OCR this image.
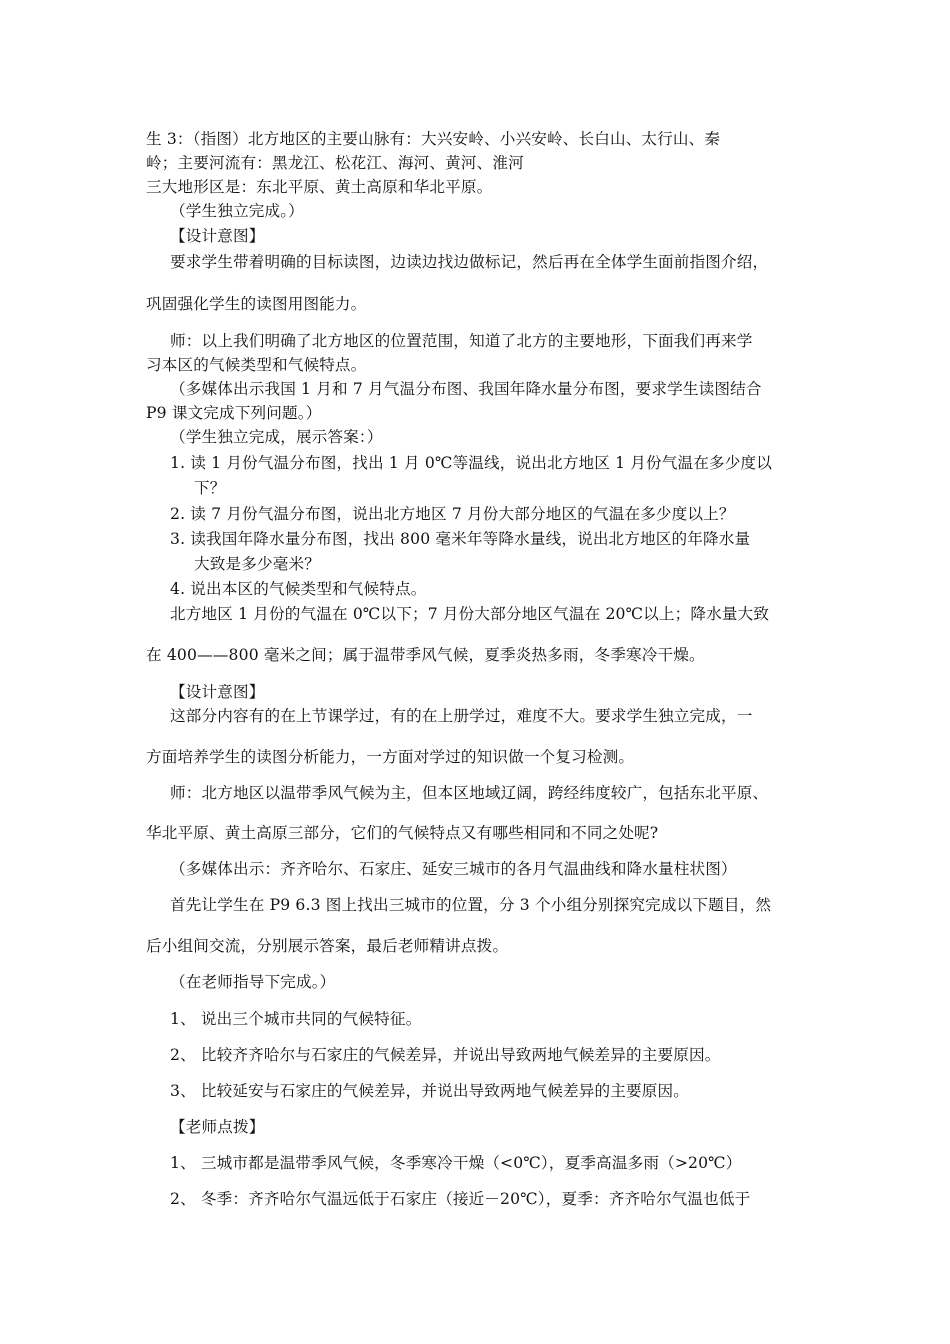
生 3：（指图）北方地区的主要山脉有：大兴安岭、小兴安岭、长白山、太行山、秦
岭；主要河流有：黑龙江、松花江、海河、黄河、淮河
三大地形区是：东北平原、黄土高原和华北平原。
（学生独立完成。）
【设计意图】
要求学生带着明确的目标读图，边读边找边做标记，然后再在全体学生面前指图介绍，
巩固强化学生的读图用图能力。
师：以上我们明确了北方地区的位置范围，知道了北方的主要地形，下面我们再来学
习本区的气候类型和气候特点。
（多媒体出示我国 1 月和 7 月气温分布图、我国年降水量分布图，要求学生读图结合
P9 课文完成下列问题。）
（学生独立完成，展示答案：）
1. 读 1 月份气温分布图，找出 1 月 0℃等温线，说出北方地区 1 月份气温在多少度以
下？
2. 读 7 月份气温分布图，说出北方地区 7 月份大部分地区的气温在多少度以上？
3. 读我国年降水量分布图，找出 800 毫米年等降水量线，说出北方地区的年降水量
大致是多少毫米？
4. 说出本区的气候类型和气候特点。
北方地区 1 月份的气温在 0℃以下；7 月份大部分地区气温在 20℃以上；降水量大致
在 400——800 毫米之间；属于温带季风气候，夏季炎热多雨，冬季寒冷干燥。
【设计意图】
这部分内容有的在上节课学过，有的在上册学过，难度不大。要求学生独立完成，一
方面培养学生的读图分析能力，一方面对学过的知识做一个复习检测。
师：北方地区以温带季风气候为主，但本区地域辽阔，跨经纬度较广，包括东北平原、
华北平原、黄土高原三部分，它们的气候特点又有哪些相同和不同之处呢?
（多媒体出示：齐齐哈尔、石家庄、延安三城市的各月气温曲线和降水量柱状图）
首先让学生在 P9 6.3 图上找出三城市的位置，分 3 个小组分别探究完成以下题目，然
后小组间交流，分别展示答案，最后老师精讲点拨。
（在老师指导下完成。）
1、 说出三个城市共同的气候特征。
2、 比较齐齐哈尔与石家庄的气候差异，并说出导致两地气候差异的主要原因。
3、 比较延安与石家庄的气候差异，并说出导致两地气候差异的主要原因。
【老师点拨】
1、 三城市都是温带季风气候，冬季寒冷干燥（<0℃），夏季高温多雨（>20℃）
2、 冬季：齐齐哈尔气温远低于石家庄（接近－20℃），夏季：齐齐哈尔气温也低于
